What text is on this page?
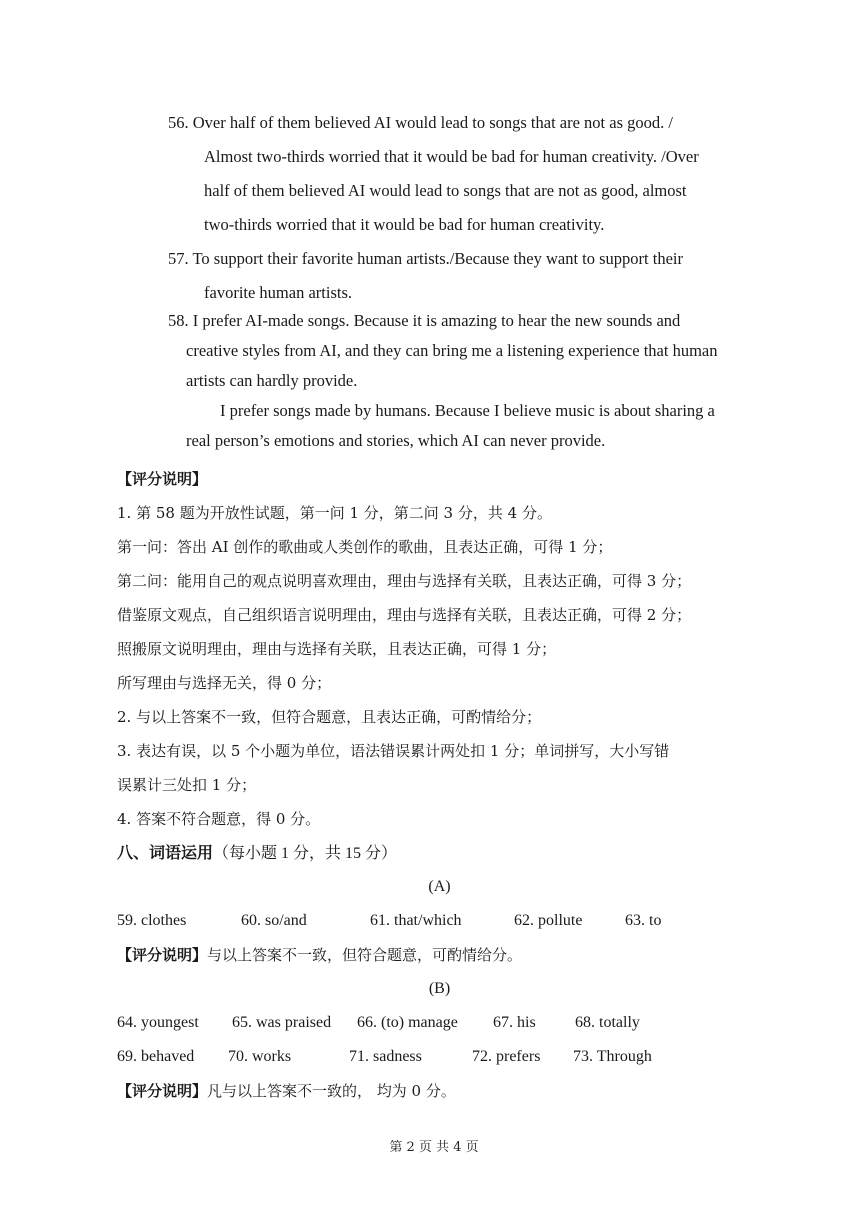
56. Over half of them believed AI would lead to songs that are not as good. /
Almost two-thirds worried that it would be bad for human creativity. /Over
half of them believed AI would lead to songs that are not as good, almost
two-thirds worried that it would be bad for human creativity.
57. To support their favorite human artists./Because they want to support their
favorite human artists.
58. I prefer AI-made songs. Because it is amazing to hear the new sounds and
creative styles from AI, and they can bring me a listening experience that human
artists can hardly provide.
I prefer songs made by humans. Because I believe music is about sharing a
real person’s emotions and stories, which AI can never provide.
【评分说明】
1. 第 58 题为开放性试题，第一问 1 分，第二问 3 分，共 4 分。
第一问：答出 AI 创作的歌曲或人类创作的歌曲，且表达正确，可得 1 分；
第二问：能用自己的观点说明喜欢理由，理由与选择有关联，且表达正确，可得 3 分；
借鉴原文观点，自己组织语言说明理由，理由与选择有关联，且表达正确，可得 2 分；
照搬原文说明理由，理由与选择有关联，且表达正确，可得 1 分；
所写理由与选择无关，得 0 分；
2. 与以上答案不一致，但符合题意，且表达正确，可酌情给分；
3. 表达有误，以 5 个小题为单位，语法错误累计两处扣 1 分；单词拼写，大小写错
误累计三处扣 1 分；
4. 答案不符合题意，得 0 分。
八、词语运用（每小题 1 分，共 15 分）
(A)
59. clothes	60. so/and	61. that/which	62. pollute	63. to
【评分说明】与以上答案不一致，但符合题意，可酌情给分。
(B)
64. youngest	65. was praised	66. (to) manage	67. his	68. totally
69. behaved	70. works	71. sadness	72. prefers	73. Through
【评分说明】凡与以上答案不一致的， 均为 0 分。
第 2 页 共 4 页
